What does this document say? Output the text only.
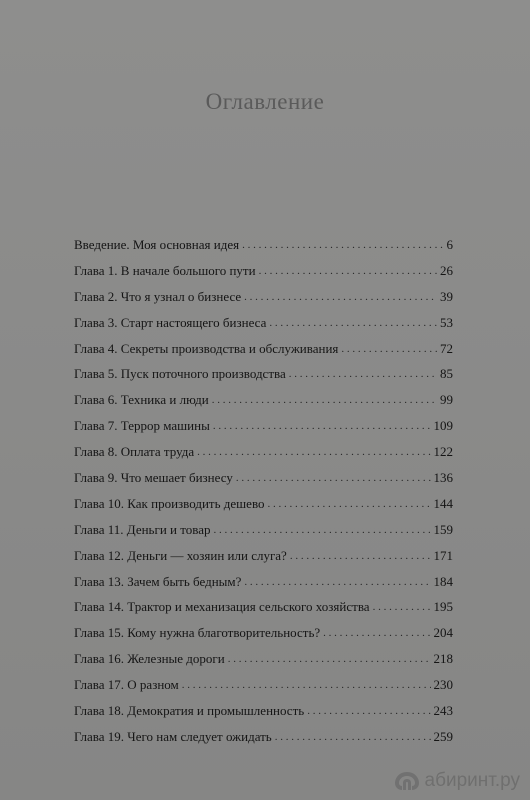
Оглавление
Введение. Моя основная идея . . .	6
Глава 1. В начале большого пути . . .	26
Глава 2. Что я узнал о бизнесе . . .	39
Глава 3. Старт настоящего бизнеса . . .	53
Глава 4. Секреты производства и обслуживания . . .	72
Глава 5. Пуск поточного производства . . .	85
Глава 6. Техника и люди . . .	99
Глава 7. Террор машины . . .	109
Глава 8. Оплата труда . . .	122
Глава 9. Что мешает бизнесу . . .	136
Глава 10. Как производить дешево . . .	144
Глава 11. Деньги и товар . . .	159
Глава 12. Деньги — хозяин или слуга? . . .	171
Глава 13. Зачем быть бедным? . . .	184
Глава 14. Трактор и механизация сельского хозяйства . . .	195
Глава 15. Кому нужна благотворительность? . . .	204
Глава 16. Железные дороги . . .	218
Глава 17. О разном . . .	230
Глава 18. Демократия и промышленность . . .	243
Глава 19. Чего нам следует ожидать . . .	259
абиринт.ру
